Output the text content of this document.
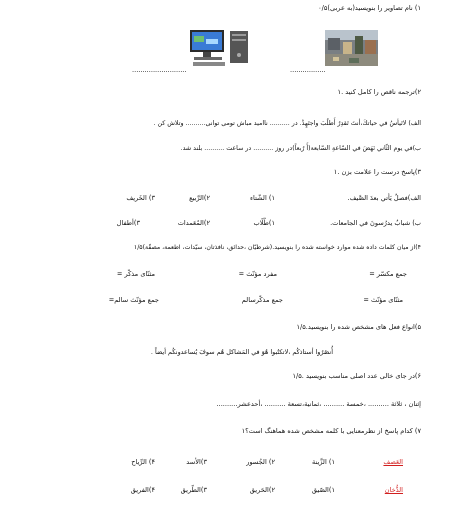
۱) نام تصاویر را بنویسید(به عربی)۰/۵
..........................	.................
۲)ترجمه ناقص را کامل کنید .۱
الف) لاتَيأسُ في حياتكَ،أنتَ تَقدِرُ أَطلُبَ واجتَهِدْ. در .......... ناامید مباش تومی توانی.......... وتلاش کن .
ب)في يوم الثّاني نَهَضَ في السّاعةِ السّابعة(أَ رُبعاً)در روز .......... در ساعت .......... بلند شد.
۳)پاسخ درست را علامت بزن .۱
الف)فصلٌ يَأتي بعدَ الصَّيف.
۱) الشّتاء
۲)الرَّبيع
۳) الخَريف
ب) شبابٌ يدرُسونَ في الجامعات.
۱)طُلّاب
۲)المُعَمدات
۳)أطفال
۴)از میان کلمات داده شده موارد خواسته شده را بنویسید.(شرطیّان ،حدائق، نافذتان، سیّدات، اطعمة، مصفّة)۱/۵
جمع مکسّر =
مفرد مؤنّث =
مثنّای مذکّر =
مثنّای مؤنّث =
جمع مذکّرسالم
جمع مؤنّث سالم=
۵)انواع فعل های مشخص شده را بنویسید.۱/۵
أُنصُرُوا أستاذكُم ،لاتكتُبوا هُوَ في المَشاكل هُم سوفَ يُساعدونكُم أيضاً .
۶)در جای خالی عدد اصلی مناسب بنویسید .۱/۵
إثنان ، ثلاثة .......... ،خمسة .......... ،ثمانية،تسعة .......... ،أحدعشر..........
۷) کدام پاسخ از نظرمعنایی با کلمه مشخص شده هماهنگ است؟۱
العَصف
۱) الزَّينة
۲) الجُسور
۳)الأسد
۴) الرِّياح
الدُّخان
۱)الصّيق
۲)الحَريق
۳)الطّريق
۴)الفريق
